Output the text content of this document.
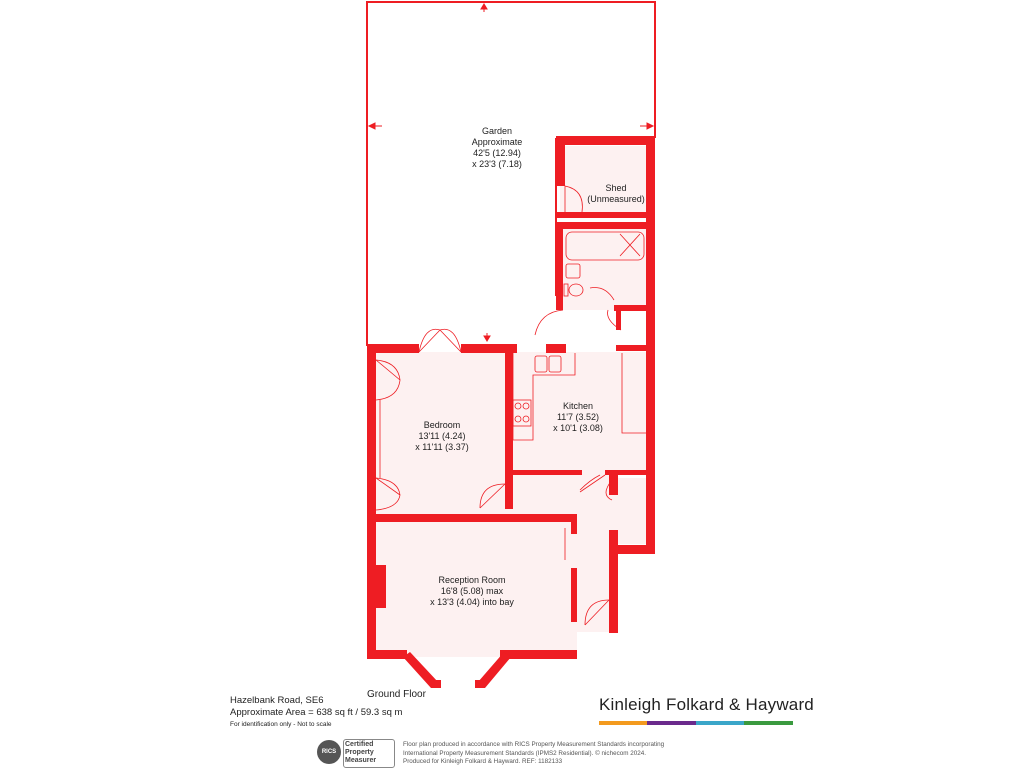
Garden
Approximate
42'5 (12.94)
x 23'3 (7.18)
Shed
(Unmeasured)
Bedroom
13'11 (4.24)
x 11'11 (3.37)
Kitchen
11'7 (3.52)
x 10'1 (3.08)
Reception Room
16'8 (5.08) max
x 13'3 (4.04) into bay
Ground Floor
Hazelbank Road, SE6
Approximate Area = 638 sq ft / 59.3 sq m
For identification only - Not to scale
Kinleigh Folkard & Hayward
RICS
Certified
Property
Measurer
Floor plan produced in accordance with RICS Property Measurement Standards incorporating
International Property Measurement Standards (IPMS2 Residential). © nichecom 2024.
Produced for Kinleigh Folkard & Hayward. REF: 1182133
